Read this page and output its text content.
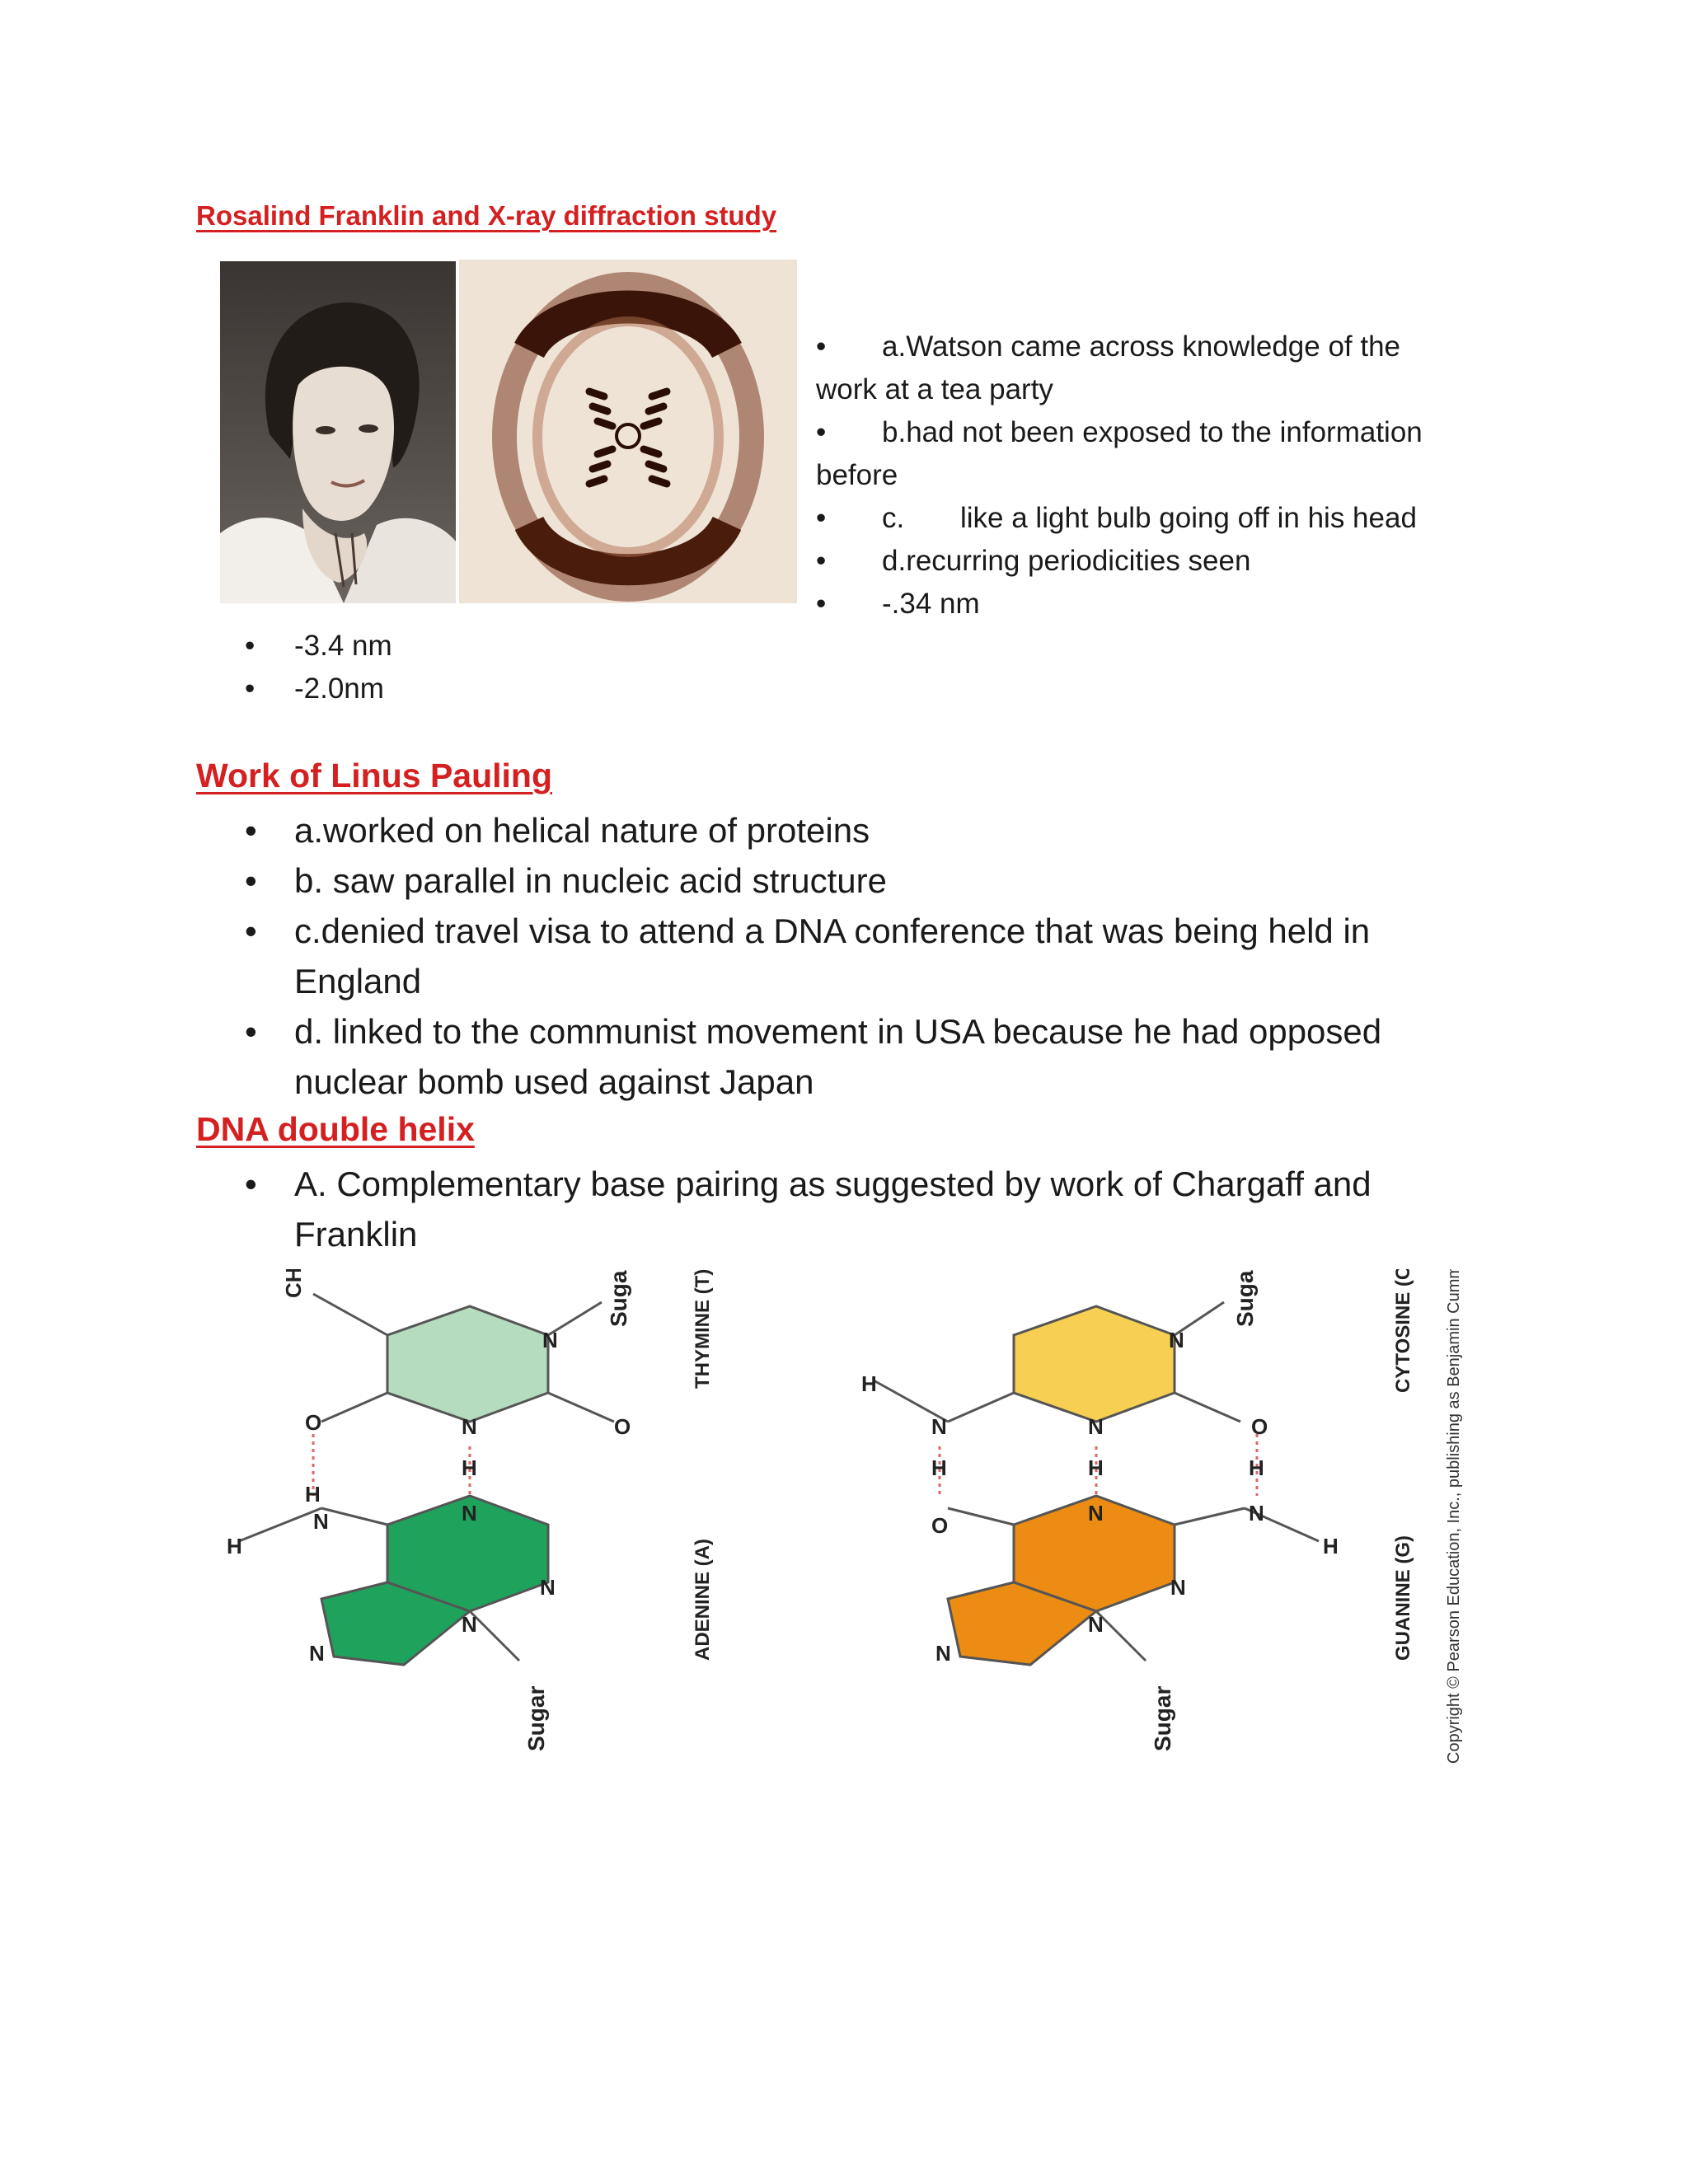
Rosalind Franklin and X-ray diffraction study
• a.Watson came across knowledge of the
work at a tea party
• b.had not been exposed to the information
before
• c. like a light bulb going off in his head
• d.recurring periodicities seen
• -.34 nm
• -3.4 nm
• -2.0nm
Work of Linus Pauling
• a.worked on helical nature of proteins
• b. saw parallel in nucleic acid structure
• c.denied travel visa to attend a DNA conference that was being held in
England
• d. linked to the communist movement in USA because he had opposed
nuclear bomb used against Japan
DNA double helix
• A. Complementary base pairing as suggested by work of Chargaff and
Franklin
CH3
N
N
O	O
H
H
N
H
N
N
N
N
N
N	O
N
H
H
O
H
N
H
N
H
N
N
N
Sugar
Sugar
Sugar
Sugar
THYMINE (T)
ADENINE (A)
CYTOSINE (C)
GUANINE (G) Copyright © Pearson Education, Inc., publishing as Benjamin Cummings.
